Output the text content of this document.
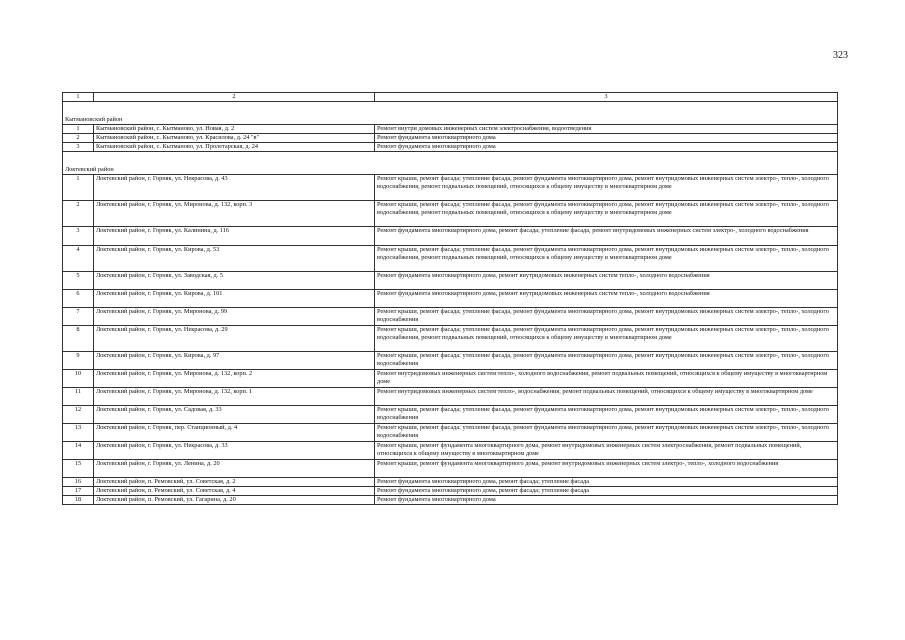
323
1	2	3
Кытмановский район		
1	Кытмановский район, с. Кытманово, ул. Новая, д. 2	Ремонт внутри домовых инженерных систем электроснабжения, водоотведения
2	Кытмановский район, с. Кытманово, ул. Красилова, д. 24 "в"	Ремонт фундамента многоквартирного дома
3	Кытмановский район, с. Кытманово, ул. Пролетарская, д. 24	Ремонт фундамента многоквартирного дома
Локтевский район		
1	Локтевский район, г. Горняк, ул. Некрасова, д. 43	Ремонт крыши, ремонт фасада; утепление фасада, ремонт фундамента многоквартирного дома, ремонт внутридомовых инженерных систем электро-, тепло-, холодного водоснабжения, ремонт подвальных помещений, относящихся к общему имуществу в многоквартирном доме
2	Локтевский район, г. Горняк, ул. Миронова, д. 132, корп. 3	Ремонт крыши, ремонт фасада; утепление фасада, ремонт фундамента многоквартирного дома, ремонт внутридомовых инженерных систем электро-, тепло-, холодного водоснабжения, ремонт подвальных помещений, относящихся к общему имуществу в многоквартирном доме
3	Локтевский район, г. Горняк, ул. Калинина, д. 116	Ремонт фундамента многоквартирного дома, ремонт фасада; утепление фасада, ремонт внутридомовых инженерных систем электро-, холодного водоснабжения
4	Локтевский район, г. Горняк, ул. Кирова, д. 53	Ремонт крыши, ремонт фасада; утепление фасада, ремонт фундамента многоквартирного дома, ремонт внутридомовых инженерных систем электро-, тепло-, холодного водоснабжения, ремонт подвальных помещений, относящихся к общему имуществу в многоквартирном доме
5	Локтевский район, г. Горняк, ул. Заводская, д. 5	Ремонт фундамента многоквартирного дома, ремонт внутридомовых инженерных систем тепло-, холодного водоснабжения
6	Локтевский район, г. Горняк, ул. Кирова, д. 101	Ремонт фундамента многоквартирного дома, ремонт внутридомовых инженерных систем тепло-, холодного водоснабжения
7	Локтевский район, г. Горняк, ул. Миронова, д. 99	Ремонт крыши, ремонт фасада; утепление фасада, ремонт фундамента многоквартирного дома, ремонт внутридомовых инженерных систем электро-, тепло-, холодного водоснабжения
8	Локтевский район, г. Горняк, ул. Некрасова, д. 29	Ремонт крыши, ремонт фасада; утепление фасада, ремонт фундамента многоквартирного дома, ремонт внутридомовых инженерных систем электро-, тепло-, холодного водоснабжения, ремонт подвальных помещений, относящихся к общему имуществу в многоквартирном доме
9	Локтевский район, г. Горняк, ул. Кирова, д. 97	Ремонт крыши, ремонт фасада; утепление фасада, ремонт фундамента многоквартирного дома, ремонт внутридомовых инженерных систем электро-, тепло-, холодного водоснабжения
10	Локтевский район, г. Горняк, ул. Миронова, д. 132, корп. 2	Ремонт внутридомовых инженерных систем тепло-, холодного водоснабжения, ремонт подвальных помещений, относящихся к общему имуществу в многоквартирном доме
11	Локтевский район, г. Горняк, ул. Миронова, д. 132, корп. 1	Ремонт внутридомовых инженерных систем тепло-, водоснабжения, ремонт подвальных помещений, относящихся к общему имуществу в многоквартирном доме
12	Локтевский район, г. Горняк, ул. Садовая, д. 33	Ремонт крыши, ремонт фасада; утепление фасада, ремонт фундамента многоквартирного дома, ремонт внутридомовых инженерных систем электро-, тепло-, холодного водоснабжения
13	Локтевский район, г. Горняк, пер. Станционный, д. 4	Ремонт крыши, ремонт фасада; утепление фасада, ремонт фундамента многоквартирного дома, ремонт внутридомовых инженерных систем электро-, тепло-, холодного водоснабжения
14	Локтевский район, г. Горняк, ул. Некрасова, д. 33	Ремонт крыши, ремонт фундамента многоквартирного дома, ремонт внутридомовых инженерных систем электроснабжения, ремонт подвальных помещений, относящихся к общему имуществу в многоквартирном доме
15	Локтевский район, г. Горняк, ул. Ленина, д. 20	Ремонт крыши, ремонт фундамента многоквартирного дома, ремонт внутридомовых инженерных систем электро-, тепло-, холодного водоснабжения
16	Локтевский район, п. Ремовский, ул. Советская, д. 2	Ремонт фундамента многоквартирного дома, ремонт фасада; утепление фасада
17	Локтевский район, п. Ремовский, ул. Советская, д. 4	Ремонт фундамента многоквартирного дома, ремонт фасада; утепление фасада
18	Локтевский район, п. Ремовский, ул. Гагарина, д. 20	Ремонт фундамента многоквартирного дома
